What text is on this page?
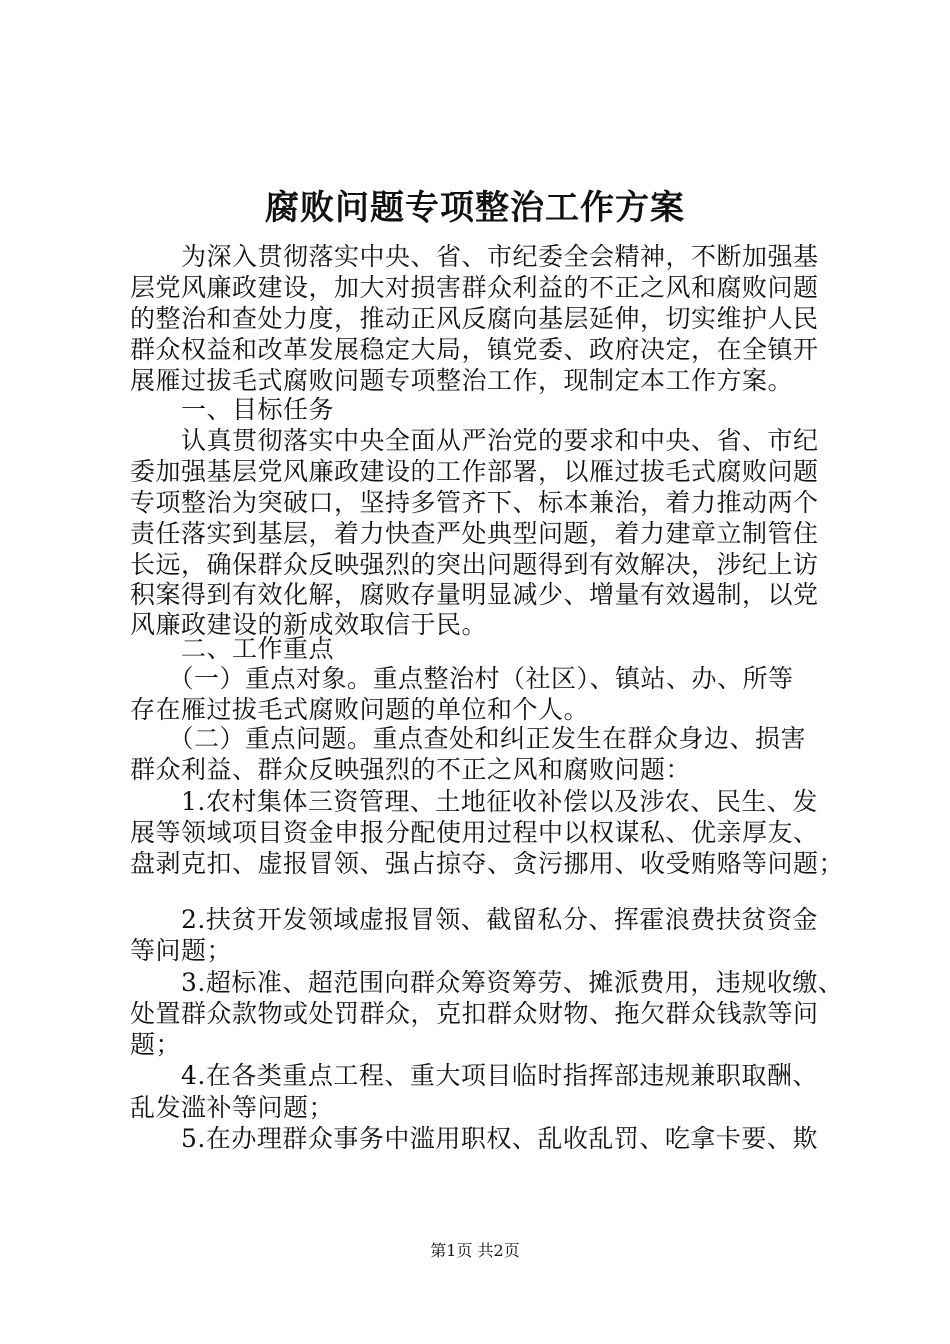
腐败问题专项整治工作方案
　　为深入贯彻落实中央、省、市纪委全会精神，不断加强基
层党风廉政建设，加大对损害群众利益的不正之风和腐败问题
的整治和查处力度，推动正风反腐向基层延伸，切实维护人民
群众权益和改革发展稳定大局，镇党委、政府决定，在全镇开
展雁过拔毛式腐败问题专项整治工作，现制定本工作方案。
　　一、目标任务
　　认真贯彻落实中央全面从严治党的要求和中央、省、市纪
委加强基层党风廉政建设的工作部署，以雁过拔毛式腐败问题
专项整治为突破口，坚持多管齐下、标本兼治，着力推动两个
责任落实到基层，着力快查严处典型问题，着力建章立制管住
长远，确保群众反映强烈的突出问题得到有效解决，涉纪上访
积案得到有效化解，腐败存量明显减少、增量有效遏制，以党
风廉政建设的新成效取信于民。
　　二、工作重点
　　（一）重点对象。重点整治村（社区）、镇站、办、所等
存在雁过拔毛式腐败问题的单位和个人。
　　（二）重点问题。重点查处和纠正发生在群众身边、损害
群众利益、群众反映强烈的不正之风和腐败问题：
　　1.农村集体三资管理、土地征收补偿以及涉农、民生、发
展等领域项目资金申报分配使用过程中以权谋私、优亲厚友、
盘剥克扣、虚报冒领、强占掠夺、贪污挪用、收受贿赂等问题；
　　2.扶贫开发领域虚报冒领、截留私分、挥霍浪费扶贫资金
等问题；
　　3.超标准、超范围向群众筹资筹劳、摊派费用，违规收缴、
处置群众款物或处罚群众，克扣群众财物、拖欠群众钱款等问
题；
　　4.在各类重点工程、重大项目临时指挥部违规兼职取酬、
乱发滥补等问题；
　　5.在办理群众事务中滥用职权、乱收乱罚、吃拿卡要、欺
第1页 共2页
